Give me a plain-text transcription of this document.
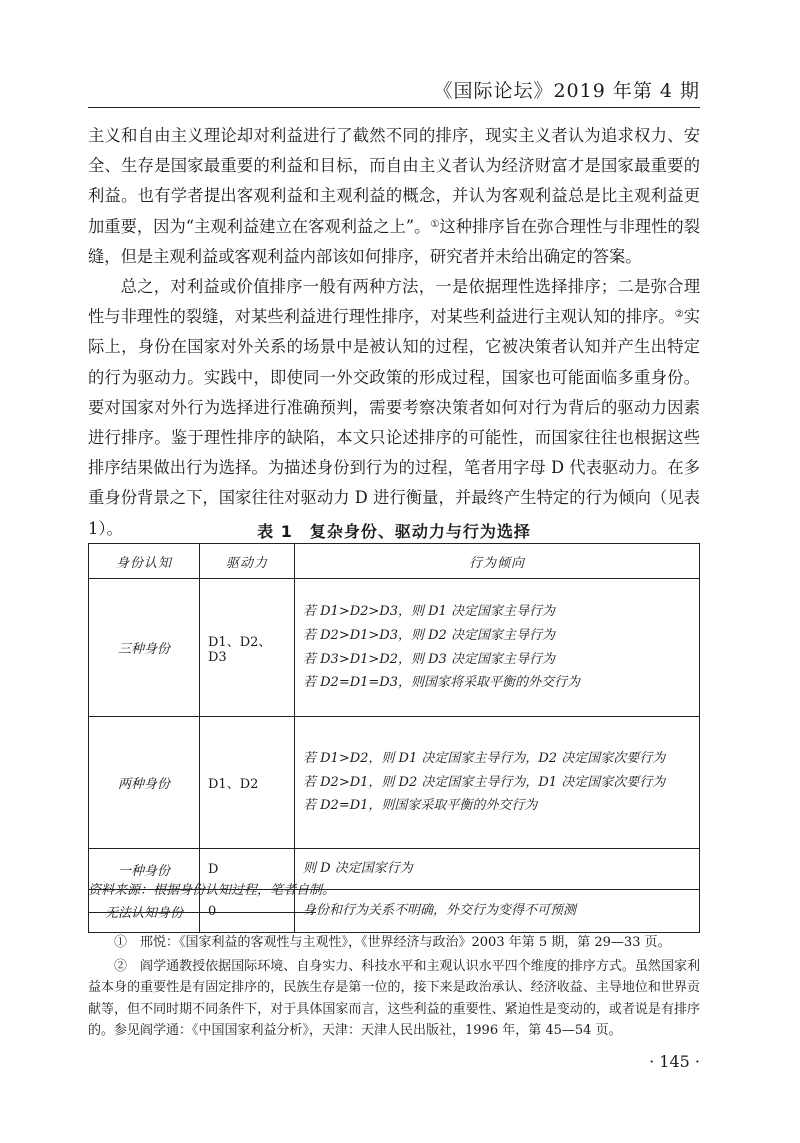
《国际论坛》2019 年第 4 期

主义和自由主义理论却对利益进行了截然不同的排序，现实主义者认为追求权力、安全、生存是国家最重要的利益和目标，而自由主义者认为经济财富才是国家最重要的利益。也有学者提出客观利益和主观利益的概念，并认为客观利益总是比主观利益更加重要，因为“主观利益建立在客观利益之上”。①这种排序旨在弥合理性与非理性的裂缝，但是主观利益或客观利益内部该如何排序，研究者并未给出确定的答案。

总之，对利益或价值排序一般有两种方法，一是依据理性选择排序；二是弥合理性与非理性的裂缝，对某些利益进行理性排序，对某些利益进行主观认知的排序。②实际上，身份在国家对外关系的场景中是被认知的过程，它被决策者认知并产生出特定的行为驱动力。实践中，即使同一外交政策的形成过程，国家也可能面临多重身份。要对国家对外行为选择进行准确预判，需要考察决策者如何对行为背后的驱动力因素进行排序。鉴于理性排序的缺陷，本文只论述排序的可能性，而国家往往也根据这些排序结果做出行为选择。为描述身份到行为的过程，笔者用字母 D 代表驱动力。在多重身份背景之下，国家往往对驱动力 D 进行衡量，并最终产生特定的行为倾向（见表 1）。	表 1　复杂身份、驱动力与行为选择
身份认知	驱动力	行为倾向
三种身份	D1、D2、D3	若 D1>D2>D3，则 D1 决定国家主导行为
若 D2>D1>D3，则 D2 决定国家主导行为
若 D3>D1>D2，则 D3 决定国家主导行为
若 D2=D1=D3，则国家将采取平衡的外交行为

两种身份	D1、D2	若 D1>D2，则 D1 决定国家主导行为，D2 决定国家次要行为
若 D2>D1，则 D2 决定国家主导行为，D1 决定国家次要行为
若 D2=D1，则国家采取平衡的外交行为

一种身份	D	则 D 决定国家行为

无法认知身份	0	身份和行为关系不明确，外交行为变得不可预测
资料来源：根据身份认知过程，笔者自制。

①　邢悦：《国家利益的客观性与主观性》，《世界经济与政治》2003 年第 5 期，第 29—33 页。

②　阎学通教授依据国际环境、自身实力、科技水平和主观认识水平四个维度的排序方式。虽然国家利益本身的重要性是有固定排序的，民族生存是第一位的，接下来是政治承认、经济收益、主导地位和世界贡献等，但不同时期不同条件下，对于具体国家而言，这些利益的重要性、紧迫性是变动的，或者说是有排序的。参见阎学通：《中国国家利益分析》，天津：天津人民出版社，1996 年，第 45—54 页。

· 145 ·
